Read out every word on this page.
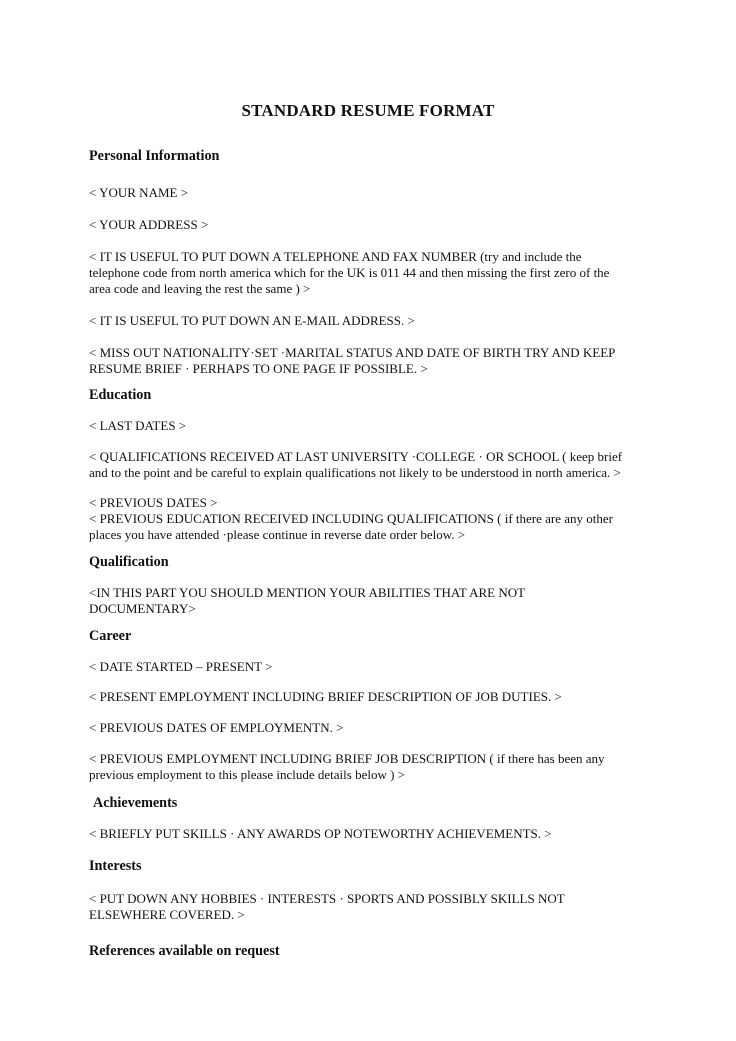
STANDARD RESUME FORMAT
Personal Information
< YOUR NAME >
< YOUR ADDRESS >
< IT IS USEFUL TO PUT DOWN A TELEPHONE AND FAX NUMBER (try and include the
telephone code from north america which for the UK is 011 44 and then missing the first zero of the
area code and leaving the rest the same ) >
< IT IS USEFUL TO PUT DOWN AN E-MAIL ADDRESS. >
< MISS OUT NATIONALITY·SET ·MARITAL STATUS AND DATE OF BIRTH TRY AND KEEP
RESUME BRIEF · PERHAPS TO ONE PAGE IF POSSIBLE. >
Education
< LAST DATES >
< QUALIFICATIONS RECEIVED AT LAST UNIVERSITY ·COLLEGE · OR SCHOOL ( keep brief
and to the point and be careful to explain qualifications not likely to be understood in north america. >
< PREVIOUS DATES >
< PREVIOUS EDUCATION RECEIVED INCLUDING QUALIFICATIONS ( if there are any other
places you have attended ·please continue in reverse date order below. >
Qualification
<IN THIS PART YOU SHOULD MENTION YOUR ABILITIES THAT ARE NOT
DOCUMENTARY>
Career
< DATE STARTED – PRESENT >
< PRESENT EMPLOYMENT INCLUDING BRIEF DESCRIPTION OF JOB DUTIES. >
< PREVIOUS DATES OF EMPLOYMENTN. >
< PREVIOUS EMPLOYMENT INCLUDING BRIEF JOB DESCRIPTION ( if there has been any
previous employment to this please include details below ) >
Achievements
< BRIEFLY PUT SKILLS · ANY AWARDS OP NOTEWORTHY ACHIEVEMENTS. >
Interests
< PUT DOWN ANY HOBBIES · INTERESTS · SPORTS AND POSSIBLY SKILLS NOT
ELSEWHERE COVERED. >
References available on request
